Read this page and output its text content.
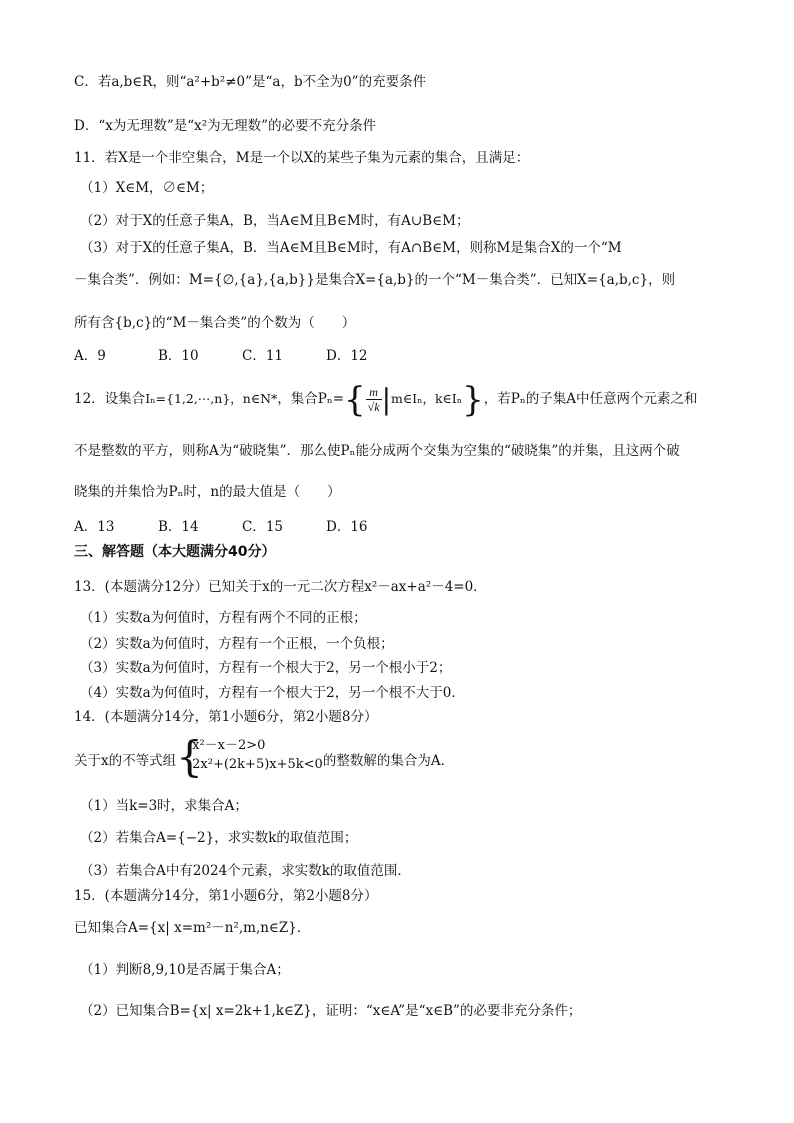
C．若a,b∈R，则“a²+b²≠0”是“a，b不全为0”的充要条件
D．“x为无理数”是“x²为无理数”的必要不充分条件
11．若X是一个非空集合，M是一个以X的某些子集为元素的集合，且满足：
（1）X∈M，∅∈M；
（2）对于X的任意子集A，B，当A∈M且B∈M时，有A∪B∈M；
（3）对于X的任意子集A，B．当A∈M且B∈M时，有A∩B∈M，则称M是集合X的一个“M
－集合类”．例如：M={∅,{a},{a,b}}是集合X={a,b}的一个“M－集合类”．已知X={a,b,c}，则
所有含{b,c}的“M－集合类”的个数为（　　）
A．9	B．10	C．11	D．12
12．设集合Iₙ={1,2,⋯,n}，n∈N*，集合$P_n=\{ \frac{m}{√k}$ |m∈Iₙ，k∈Iₙ}，若Pₙ的子集A中任意两个元素之和
不是整数的平方，则称A为“破晓集”．那么使Pₙ能分成两个交集为空集的“破晓集”的并集，且这两个破
晓集的并集恰为Pₙ时，n的最大值是（　　）
A．13	B．14	C．15	D．16
三、解答题（本大题满分40分）
13．(本题满分12分）已知关于x的一元二次方程x²－ax+a²－4=0．
（1）实数a为何值时，方程有两个不同的正根；
（2）实数a为何值时，方程有一个正根，一个负根；
（3）实数a为何值时，方程有一个根大于2，另一个根小于2；
（4）实数a为何值时，方程有一个根大于2，另一个根不大于0．
14．(本题满分14分，第1小题6分，第2小题8分）
关于x的不等式组 {
x²－x－2>0
2x²+(2k+5)x+5k<0 的整数解的集合为A．
（1）当k=3时，求集合A；
（2）若集合A={−2}，求实数k的取值范围；
（3）若集合A中有2024个元素，求实数k的取值范围．
15．(本题满分14分，第1小题6分，第2小题8分）
已知集合A={x| x=m²－n²,m,n∈Z}．
（1）判断8,9,10是否属于集合A；
（2）已知集合B={x| x=2k+1,k∈Z}，证明：“x∈A”是“x∈B”的必要非充分条件；
